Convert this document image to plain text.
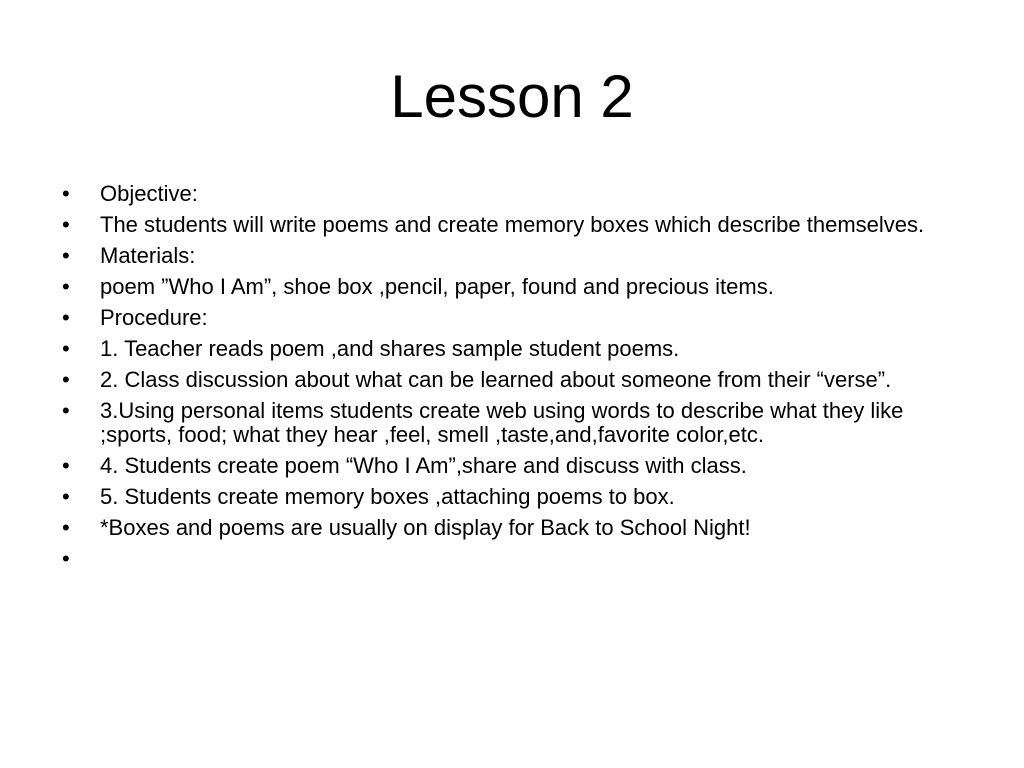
Lesson 2
•	Objective:
•	The students will write poems and create memory boxes which describe themselves.
•	Materials:
•	poem ”Who I Am”, shoe box ,pencil, paper, found and precious items.
•	Procedure:
•	1. Teacher reads poem ,and shares sample student poems.
•	2. Class discussion about what can be learned about someone from their “verse”.
•	3.Using personal items students create web using words to describe what they like ;sports, food; what they hear ,feel, smell ,taste,and,favorite color,etc.
•	4. Students create poem “Who I Am”,share and discuss with class.
•	5. Students create memory boxes ,attaching poems to box.
•	*Boxes and poems are usually on display for Back to School Night!
•
